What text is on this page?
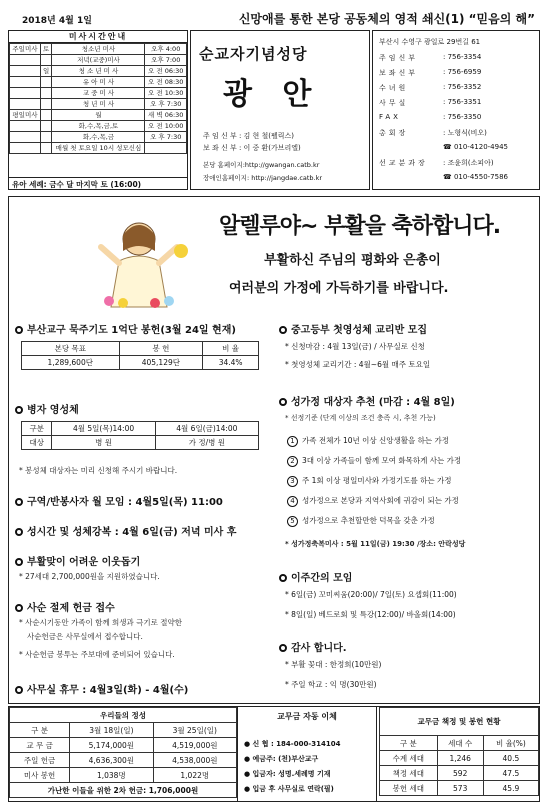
2018년 4월 1일	신망애를 통한 본당 공동체의 영적 쇄신(1) “믿음의 해”
미사시간안내
주일미사	토	청소년 미사	오후 4:00
		저녁(교중)미사	오후 7:00
	일	청 소 년 미 사	오 전 06:30
		유 아 미 사	오 전 08:30
		교 중 미 사	오 전 10:30
		청 년 미 사	오 후 7:30
평일미사		월	새 벽 06:30
		화,수,목,금,토	오 전 10:00
		화,수,목,금	오 후 7:30
		매월 첫 토요일 10시 성모신심	
유아 세례: 금수 달 마지막 토 (16:00)
순교자기념성당
광 안
주 임 신 부 : 김 현 철(펠릭스)
보 좌 신 부 : 이 중 환(가브리엘)
본당 홈페이지:http://gwangan.catb.kr
장애인홈페이지: http://jangdae.catb.kr
부산시 수영구 광일로 29번길 61
주임신부	: 756-3354
보좌신부	: 756-6959
수녀원	: 756-3352
사무실	: 756-3351
FAX	: 756-3350
총회장	: 노형식(비오)
☎ 010-4120-4945
선교분과장 : 조윤희(소피아)
☎ 010-4550-7586
알렐루야~ 부활을 축하합니다.
부활하신 주님의 평화와 은총이
여러분의 가정에 가득하기를 바랍니다.
부산교구 묵주기도 1억단 봉헌(3월 24일 현재)
본당 목표	봉 헌	비 율
1,289,600단	405,129단	34.4%
병자 영성체
구분	4월 5일(목)14:00	4월 6일(금)14:00
대상	병 원	가 정/병 원
* 봉성체 대상자는 미리 신청해 주시기 바랍니다.
구역/반봉사자 월 모임 : 4월5일(목) 11:00
성시간 및 성체강복 : 4월 6일(금) 저녁 미사 후
부활맞이 어려운 이웃돕기
* 27세대 2,700,000원을 지원하였습니다.
사순 절제 헌금 접수
* 사순시기동안 가족이 함께 희생과 극기로 절약한
사순헌금은 사무실에서 접수합니다.
* 사순헌금 봉투는 주보대에 준비되어 있습니다.
사무실 휴무 : 4월3일(화) - 4월(수)
중고등부 첫영성체 교리반 모집
* 신청마감 : 4월 13일(금) / 사무실로 신청
* 첫영성체 교리기간 : 4월~6월 매주 토요일
성가정 대상자 추천 (마감 : 4월 8일)
* 선정기준 (단계 이상의 조건 충족 시, 추천 가능)
* 성가정축복미사 : 5월 11일(금) 19:30 /장소: 안락성당
이주간의 모임
* 6일(금) 꼬미씨움(20:00)/ 7일(토) 요셉회(11:00)
* 8일(일) 베드로회 및 특강(12:00)/ 바올회(14:00)
감사 합니다.
* 부활 꽃대 : 한정희(10만원)
* 주일 학교 : 익 명(30만원)
1 가족 전체가 10년 이상 신앙생활을 하는 가정
2 3대 이상 가족들이 함께 모여 화목하게 사는 가정
3 주 1회 이상 평일미사와 가정기도를 하는 가정
4 성가정으로 본당과 지역사회에 귀감이 되는 가정
5 성가정으로 추천할만한 덕목을 갖춘 가정
우리들의 정성		
구 분	3월 18일(일)	3월 25일(일)
교 무 금	5,174,000원	4,519,000원
주일 헌금	4,636,300원	4,538,000원
미사 봉헌	1,038명	1,022명
가난한 이들을 위한 2차 헌금: 1,706,000원		
교무금 자동 이체
● 신 협 : 184-000-314104
● 예금주: (천)부산교구
● 입금자: 성명.세례명 기재
● 입금 후 사무실로 연락(필)
교무금 책정 및 봉헌 현황		
구 분	세대 수	비 율(%)
수계 세대	1,246	40.5
책정 세대	592	47.5
봉헌 세대	573	45.9
